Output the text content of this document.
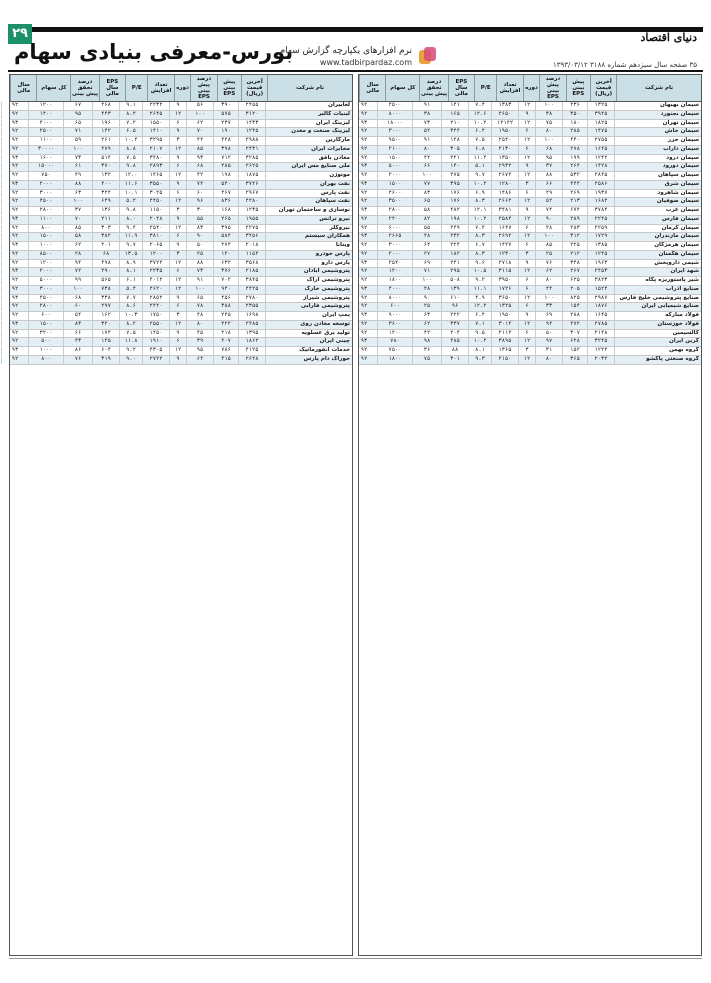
۲۹	دنیای اقتصاد
بورس-معرفی بنیادی سهام
نرم افزارهای یکپارچه گزارش سهام
www.tadbirpardaz.com	۳۵ صفحه سال سیزدهم شماره ۳۱۸۸ ۱۳۹۳/۰۳/۱۲
نام شرکت
آخرین قیمت (ریال)
پیش بینی EPS
درصد پیش بینی EPS
دوره
تعداد افزایش
P/E
EPS سال مالی
درصد تحقق پیش بینی
کل سهام
سال مالی
سیمان بهبهان
۱۳۲۵
۲۳۶
۱۰۰
۱۲
۱۳۸۳
۷.۴
۱۴۱
۹۱
۴۵۰۰
۹۲
سیمان بجنورد
۳۹۴۵
۳۵۰
۳۸
۹
۴۶۵۰
۱۲.۶
۱۶۵
۳۸
۸۰۰۰
۹۲
سیمان تهران
۱۸۲۵
۱۸۰
۷۵
۱۲
۱۴۱۴۲
۱۰.۲
۲۱۰
۷۳
۱۸۰۰۰
۹۳
سیمان خاش
۱۴۷۵
۲۸۵
۸۰
۶
۱۹۵۰
۶.۴
۳۴۴
۵۲
۳۰۰۰
۹۲
سیمان خزر
۲۷۵۵
۴۴۰
۱۰۰
۱۲
۲۵۴۰
۷.۵
۱۲۸
۹۱
۹۵۰۰
۹۲
سیمان داراب
۱۶۴۵
۲۷۸
۶۸
۶
۲۱۳۰
۶.۸
۳۰۵
۸۰
۲۱۰۰
۹۲
سیمان درود
۱۲۴۲
۱۹۹
۹۵
۱۲
۱۳۵۰
۱۱.۲
۲۲۱
۴۴
۱۵۰۰
۹۲
سیمان دورود
۱۴۲۸
۲۶۴
۳۷
۹
۲۹۳۲
۵.۱
۱۴۰
۶۶
۵۰۰۰
۹۳
سیمان سپاهان
۲۸۴۵
۵۳۲
۸۸
۱۲
۲۶۷۲
۹.۷
۲۷۵
۱۰۰
۲۰۰۰
۹۲
سیمان شرق
۲۵۸۶
۴۴۴
۶۶
۳
۱۲۸۰
۱۰.۲
۳۹۵
۷۷
۱۵۰۰
۹۳
سیمان شاهرود
۱۹۳۷
۲۶۹
۲۹
۶
۱۴۸۶
۶.۹
۱۷۶
۸۳
۴۶۰۰
۹۲
سیمان صوفیان
۱۶۸۴
۲۱۳
۵۲
۱۲
۲۶۶۴
۸.۳
۱۷۶
۶۵
۳۵۰۰
۹۲
سیمان غرب
۳۷۸۴
۶۷۴
۷۴
۹
۳۴۸۱
۱۲.۱
۴۸۲
۵۸
۲۸۰۰
۹۳
سیمان فارس
۲۲۴۵
۲۸۹
۹۰
۱۲
۲۵۸۴
۱۰.۲
۱۹۸
۸۲
۲۴۰۰
۹۲
سیمان کرمان
۲۲۵۹
۲۸۳
۴۸
۶
۱۶۴۷
۷.۴
۲۴۹
۵۵
۶۰۰۰
۹۲
سیمان مازندران
۱۷۲۹
۳۱۲
۱۰۰
۱۲
۲۶۹۲
۸.۳
۲۳۲
۴۸
۲۶۶۵
۹۳
سیمان هرمزگان
۱۳۸۵
۲۲۵
۸۵
۶
۱۴۲۷
۶.۷
۲۲۴
۶۴
۳۰۰۰
۹۲
سیمان هگمتان
۱۲۴۵
۲۱۲
۲۵
۳
۱۲۳۰
۸.۳
۱۸۲
۲۷
۲۰۰۰
۹۲
شیمی داروپخش
۱۹۶۳
۳۴۸
۷۶
۹
۲۷۱۸
۹.۶
۲۴۱
۶۹
۲۵۴۰
۹۳
شهد ایران
۲۴۵۳
۲۶۷
۶۲
۱۲
۳۱۱۵
۱۰.۵
۲۹۵
۷۱
۱۲۰۰
۹۲
شیر پاستوریزه پگاه
۳۸۲۳
۶۲۵
۸۰
۶
۳۹۵۰
۹.۲
۵۰۸
۱۰۰
۱۸۰۰
۹۲
صنایع آذرآب
۱۵۲۴
۲۰۵
۴۴
۶
۱۷۲۶
۱۱.۱
۱۳۹
۴۸
۴۰۰۰
۹۳
صنایع پتروشیمی خلیج فارس
۲۹۸۷
۸۲۵
۱۰۰
۱۲
۳۶۵۰
۴.۹
۶۱۰
۹۰
۸۰۰۰
۹۲
صنایع شیمیایی ایران
۱۸۷۶
۱۵۴
۳۳
۶
۱۳۲۵
۱۲.۲
۹۶
۲۵
۶۰۰
۹۲
فولاد مبارکه
۱۶۴۵
۲۸۸
۶۹
۹
۱۹۵۰
۶.۴
۲۲۲
۶۳
۹۰۰۰
۹۳
فولاد خوزستان
۲۷۸۵
۴۷۲
۹۴
۱۲
۳۰۱۴
۷.۱
۳۳۷
۶۲
۳۶۰۰
۹۲
کالسیمین
۲۱۴۸
۳۰۷
۵۰
۶
۲۱۱۲
۹.۵
۲۰۴
۴۲
۱۲۰۰
۹۲
کربن ایران
۳۲۴۵
۶۲۸
۹۷
۱۲
۳۸۹۵
۱۰.۴
۴۸۵
۹۸
۷۸۰
۹۳
گروه بهمن
۱۲۲۴
۱۵۲
۳۱
۳
۱۳۶۵
۸.۱
۸۸
۳۶
۷۵۰۰
۹۲
گروه صنعتی پاکشو
۲۰۳۴
۳۶۵
۸۰
۱۲
۲۱۵۰
۹.۳
۳۰۱
۷۵
۱۸۰۰
۹۲
نام شرکت
آخرین قیمت (ریال)
پیش بینی EPS
درصد پیش بینی EPS
دوره
تعداد افزایش
P/E
EPS سال مالی
درصد تحقق پیش بینی
کل سهام
سال مالی
لعابیران
۲۴۵۵
۳۹۰
۵۶
۹
۲۲۳۴
۹.۱
۲۶۸
۶۷
۱۲۰۰
۹۲
لبنیات کالبر
۳۱۲۰
۵۷۵
۱۰۰
۱۲
۲۶۴۵
۸.۴
۴۴۳
۹۵
۱۴۰۰
۹۲
لیزینگ ایران
۱۴۳۳
۲۳۷
۶۲
۶
۱۵۵۰
۷.۲
۱۹۶
۶۵
۴۰۰۰
۹۳
لیزینگ صنعت و معدن
۱۲۴۵
۱۹۰
۷۰
۹
۱۴۱۰
۶.۵
۱۴۲
۷۱
۲۵۰۰
۹۲
مارگارین
۲۹۸۸
۴۲۸
۴۴
۳
۳۲۹۵
۱۰.۴
۲۶۱
۵۹
۱۱۰۰
۹۲
مخابرات ایران
۲۴۳۱
۳۹۸
۸۵
۱۲
۲۱۰۷
۸.۸
۲۷۹
۱۰۰
۳۰۰۰۰
۹۲
معادن بافق
۳۲۸۵
۷۱۲
۹۳
۹
۳۴۸۰
۷.۵
۵۱۴
۷۳
۱۶۰۰
۹۳
ملی صنایع مس ایران
۲۶۲۵
۴۸۵
۶۸
۶
۲۸۹۳
۹.۸
۳۷۰
۶۱
۱۵۰۰۰
۹۲
موتوژن
۱۸۷۵
۱۹۸
۴۲
۱۲
۱۴۶۵
۱۲.۰
۱۳۲
۴۹
۷۵۰
۹۲
نفت بهران
۳۷۴۶
۵۴۰
۷۴
۹
۳۵۵۰
۱۱.۶
۴۰۰
۸۸
۲۰۰۰
۹۳
نفت پارس
۲۹۶۷
۴۶۷
۶۰
۶
۳۰۲۵
۱۰.۱
۳۲۴
۶۳
۳۰۰۰
۹۲
نفت سپاهان
۴۲۸۰
۸۳۶
۹۶
۱۲
۴۴۵۰
۵.۲
۶۴۹
۱۰۰
۴۵۰۰
۹۲
نوسازی و ساختمان تهران
۱۲۳۵
۱۶۸
۳۰
۳
۱۱۵۰
۹.۸
۱۳۶
۳۷
۲۸۰۰
۹۲
نیرو ترانس
۱۹۵۵
۲۶۵
۵۵
۹
۲۰۴۸
۸.۰
۲۱۱
۷۰
۱۱۰۰
۹۳
نیروکلر
۲۲۷۵
۳۹۵
۸۳
۱۲
۲۵۴۰
۹.۴
۳۰۳
۸۵
۸۰۰
۹۲
همکاران سیستم
۳۴۵۶
۵۸۴
۹۰
۶
۳۸۱۰
۱۱.۹
۳۸۲
۵۸
۱۵۰۰
۹۲
ویتانا
۲۰۱۸
۲۷۴
۵۰
۹
۲۰۶۵
۹.۷
۲۰۱
۶۲
۱۰۰۰
۹۳
پارس خودرو
۱۱۵۴
۱۲۰
۲۵
۳
۱۲۰۰
۱۳.۵
۶۸
۲۸
۸۵۰۰
۹۲
پارس دارو
۳۵۶۸
۶۳۲
۸۸
۱۲
۳۷۲۴
۸.۹
۴۹۸
۹۴
۱۲۰۰
۹۲
پتروشیمی آبادان
۲۱۸۵
۳۷۶
۷۳
۶
۲۲۳۵
۸.۱
۲۹۰
۷۲
۲۰۰۰
۹۳
پتروشیمی اراک
۳۸۴۵
۷۰۲
۹۱
۱۲
۴۰۱۲
۶.۱
۵۶۵
۹۹
۵۰۰۰
۹۲
پتروشیمی خارک
۴۴۲۵
۹۴۰
۱۰۰
۱۲
۴۶۲۰
۵.۴
۷۳۸
۱۰۰
۳۰۰۰
۹۲
پتروشیمی شیراز
۲۷۸۰
۴۵۶
۶۵
۹
۲۸۵۲
۷.۷
۳۳۸
۶۸
۴۵۰۰
۹۳
پتروشیمی فارابی
۲۳۵۵
۳۸۸
۷۸
۶
۲۴۴۰
۸.۶
۲۹۷
۶۰
۲۸۰۰
۹۲
پمپ ایران
۱۶۹۸
۲۴۵
۴۸
۳
۱۷۵۰
۱۰.۳
۱۶۲
۵۴
۶۰۰
۹۲
توسعه معادن روی
۲۴۸۵
۴۲۲
۸۰
۱۲
۲۵۵۰
۸.۲
۳۲۰
۸۳
۱۵۰۰
۹۳
تولید برق عسلویه
۱۳۹۵
۲۱۸
۴۵
۹
۱۴۵۰
۷.۵
۱۷۴
۶۶
۳۲۰۰
۹۲
چینی ایران
۱۸۶۲
۲۰۷
۳۹
۶
۱۹۱۰
۱۱.۸
۱۴۵
۴۳
۵۰۰
۹۲
خدمات انفورماتیک
۴۱۲۵
۷۸۶
۹۵
۱۲
۴۳۰۵
۹.۲
۶۰۴
۸۶
۱۰۰۰
۹۳
خوراک دام پارس
۲۶۴۸
۴۱۵
۶۴
۹
۲۷۲۲
۹.۰
۳۱۹
۷۶
۸۰۰
۹۲
